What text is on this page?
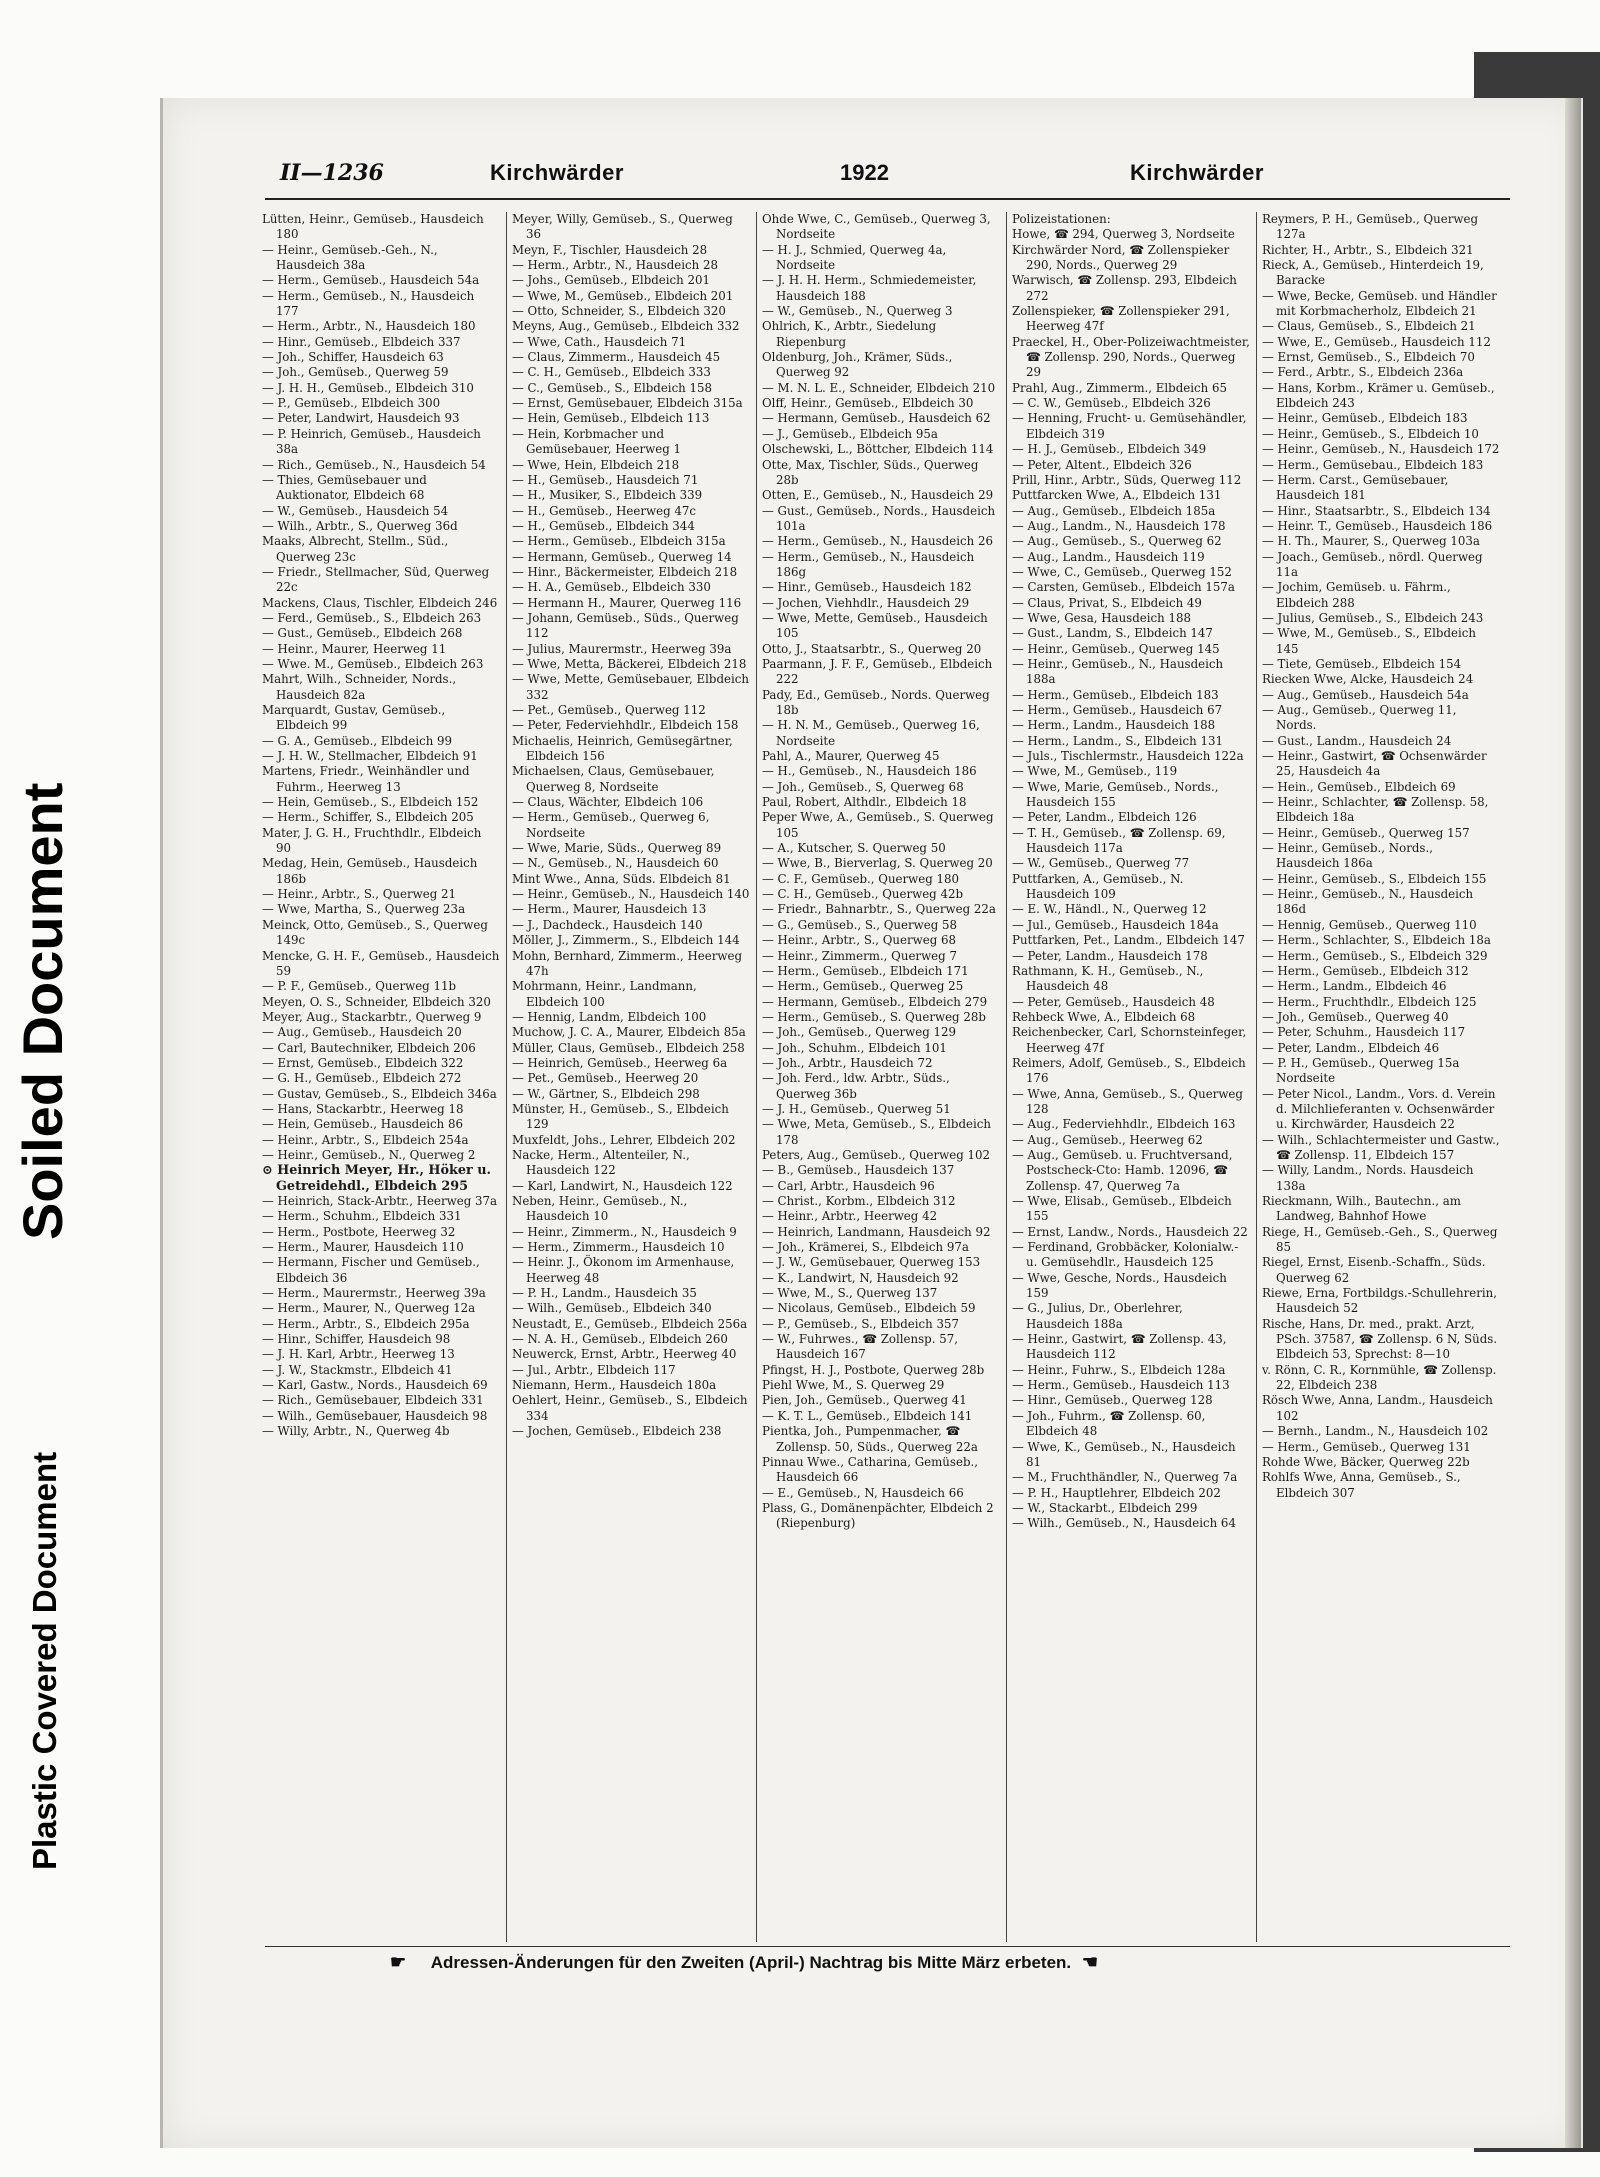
Soiled Document
Plastic Covered Document
II—1236	Kirchwärder	1922	Kirchwärder

Lütten, Heinr., Gemüseb., Hausdeich 180

— Heinr., Gemüseb.-Geh., N., Hausdeich 38a

— Herm., Gemüseb., Hausdeich 54a

— Herm., Gemüseb., N., Hausdeich 177

— Herm., Arbtr., N., Hausdeich 180

— Hinr., Gemüseb., Elbdeich 337

— Joh., Schiffer, Hausdeich 63

— Joh., Gemüseb., Querweg 59

— J. H. H., Gemüseb., Elbdeich 310

— P., Gemüseb., Elbdeich 300

— Peter, Landwirt, Hausdeich 93

— P. Heinrich, Gemüseb., Hausdeich 38a

— Rich., Gemüseb., N., Hausdeich 54

— Thies, Gemüsebauer und Auktionator, Elbdeich 68

— W., Gemüseb., Hausdeich 54

— Wilh., Arbtr., S., Querweg 36d

Maaks, Albrecht, Stellm., Süd., Querweg 23c

— Friedr., Stellmacher, Süd, Querweg 22c

Mackens, Claus, Tischler, Elbdeich 246

— Ferd., Gemüseb., S., Elbdeich 263

— Gust., Gemüseb., Elbdeich 268

— Heinr., Maurer, Heerweg 11

— Wwe. M., Gemüseb., Elbdeich 263

Mahrt, Wilh., Schneider, Nords., Hausdeich 82a

Marquardt, Gustav, Gemüseb., Elbdeich 99

— G. A., Gemüseb., Elbdeich 99

— J. H. W., Stellmacher, Elbdeich 91

Martens, Friedr., Weinhändler und Fuhrm., Heerweg 13

— Hein, Gemüseb., S., Elbdeich 152

— Herm., Schiffer, S., Elbdeich 205

Mater, J. G. H., Fruchthdlr., Elbdeich 90

Medag, Hein, Gemüseb., Hausdeich 186b

— Heinr., Arbtr., S., Querweg 21

— Wwe, Martha, S., Querweg 23a

Meinck, Otto, Gemüseb., S., Querweg 149c

Mencke, G. H. F., Gemüseb., Hausdeich 59

— P. F., Gemüseb., Querweg 11b

Meyen, O. S., Schneider, Elbdeich 320

Meyer, Aug., Stackarbtr., Querweg 9

— Aug., Gemüseb., Hausdeich 20

— Carl, Bautechniker, Elbdeich 206

— Ernst, Gemüseb., Elbdeich 322

— G. H., Gemüseb., Elbdeich 272

— Gustav, Gemüseb., S., Elbdeich 346a

— Hans, Stackarbtr., Heerweg 18

— Hein, Gemüseb., Hausdeich 86

— Heinr., Arbtr., S., Elbdeich 254a

— Heinr., Gemüseb., N., Querweg 2

⊙ Heinrich Meyer, Hr., Höker u. Getreidehdl., Elbdeich 295

— Heinrich, Stack-Arbtr., Heerweg 37a

— Herm., Schuhm., Elbdeich 331

— Herm., Postbote, Heerweg 32

— Herm., Maurer, Hausdeich 110

— Hermann, Fischer und Gemüseb., Elbdeich 36

— Herm., Maurermstr., Heerweg 39a

— Herm., Maurer, N., Querweg 12a

— Herm., Arbtr., S., Elbdeich 295a

— Hinr., Schiffer, Hausdeich 98

— J. H. Karl, Arbtr., Heerweg 13

— J. W., Stackmstr., Elbdeich 41

— Karl, Gastw., Nords., Hausdeich 69

— Rich., Gemüsebauer, Elbdeich 331

— Wilh., Gemüsebauer, Hausdeich 98

— Willy, Arbtr., N., Querweg 4b

Meyer, Willy, Gemüseb., S., Querweg 36

Meyn, F., Tischler, Hausdeich 28

— Herm., Arbtr., N., Hausdeich 28

— Johs., Gemüseb., Elbdeich 201

— Wwe, M., Gemüseb., Elbdeich 201

— Otto, Schneider, S., Elbdeich 320

Meyns, Aug., Gemüseb., Elbdeich 332

— Wwe, Cath., Hausdeich 71

— Claus, Zimmerm., Hausdeich 45

— C. H., Gemüseb., Elbdeich 333

— C., Gemüseb., S., Elbdeich 158

— Ernst, Gemüsebauer, Elbdeich 315a

— Hein, Gemüseb., Elbdeich 113

— Hein, Korbmacher und Gemüsebauer, Heerweg 1

— Wwe, Hein, Elbdeich 218

— H., Gemüseb., Hausdeich 71

— H., Musiker, S., Elbdeich 339

— H., Gemüseb., Heerweg 47c

— H., Gemüseb., Elbdeich 344

— Herm., Gemüseb., Elbdeich 315a

— Hermann, Gemüseb., Querweg 14

— Hinr., Bäckermeister, Elbdeich 218

— H. A., Gemüseb., Elbdeich 330

— Hermann H., Maurer, Querweg 116

— Johann, Gemüseb., Süds., Querweg 112

— Julius, Maurermstr., Heerweg 39a

— Wwe, Metta, Bäckerei, Elbdeich 218

— Wwe, Mette, Gemüsebauer, Elbdeich 332

— Pet., Gemüseb., Querweg 112

— Peter, Federviehhdlr., Elbdeich 158

Michaelis, Heinrich, Gemüsegärtner, Elbdeich 156

Michaelsen, Claus, Gemüsebauer, Querweg 8, Nordseite

— Claus, Wächter, Elbdeich 106

— Herm., Gemüseb., Querweg 6, Nordseite

— Wwe, Marie, Süds., Querweg 89

— N., Gemüseb., N., Hausdeich 60

Mint Wwe., Anna, Süds. Elbdeich 81

— Heinr., Gemüseb., N., Hausdeich 140

— Herm., Maurer, Hausdeich 13

— J., Dachdeck., Hausdeich 140

Möller, J., Zimmerm., S., Elbdeich 144

Mohn, Bernhard, Zimmerm., Heerweg 47h

Mohrmann, Heinr., Landmann, Elbdeich 100

— Hennig, Landm, Elbdeich 100

Muchow, J. C. A., Maurer, Elbdeich 85a

Müller, Claus, Gemüseb., Elbdeich 258

— Heinrich, Gemüseb., Heerweg 6a

— Pet., Gemüseb., Heerweg 20

— W., Gärtner, S., Elbdeich 298

Münster, H., Gemüseb., S., Elbdeich 129

Muxfeldt, Johs., Lehrer, Elbdeich 202

Nacke, Herm., Altenteiler, N., Hausdeich 122

— Karl, Landwirt, N., Hausdeich 122

Neben, Heinr., Gemüseb., N., Hausdeich 10

— Heinr., Zimmerm., N., Hausdeich 9

— Herm., Zimmerm., Hausdeich 10

— Heinr. J., Ökonom im Armenhause, Heerweg 48

— P. H., Landm., Hausdeich 35

— Wilh., Gemüseb., Elbdeich 340

Neustadt, E., Gemüseb., Elbdeich 256a

— N. A. H., Gemüseb., Elbdeich 260

Neuwerck, Ernst, Arbtr., Heerweg 40

— Jul., Arbtr., Elbdeich 117

Niemann, Herm., Hausdeich 180a

Oehlert, Heinr., Gemüseb., S., Elbdeich 334

— Jochen, Gemüseb., Elbdeich 238

Ohde Wwe, C., Gemüseb., Querweg 3, Nordseite

— H. J., Schmied, Querweg 4a, Nordseite

— J. H. H. Herm., Schmiedemeister, Hausdeich 188

— W., Gemüseb., N., Querweg 3

Ohlrich, K., Arbtr., Siedelung Riepenburg

Oldenburg, Joh., Krämer, Süds., Querweg 92

— M. N. L. E., Schneider, Elbdeich 210

Olff, Heinr., Gemüseb., Elbdeich 30

— Hermann, Gemüseb., Hausdeich 62

— J., Gemüseb., Elbdeich 95a

Olschewski, L., Böttcher, Elbdeich 114

Otte, Max, Tischler, Süds., Querweg 28b

Otten, E., Gemüseb., N., Hausdeich 29

— Gust., Gemüseb., Nords., Hausdeich 101a

— Herm., Gemüseb., N., Hausdeich 26

— Herm., Gemüseb., N., Hausdeich 186g

— Hinr., Gemüseb., Hausdeich 182

— Jochen, Viehhdlr., Hausdeich 29

— Wwe, Mette, Gemüseb., Hausdeich 105

Otto, J., Staatsarbtr., S., Querweg 20

Paarmann, J. F. F., Gemüseb., Elbdeich 222

Pady, Ed., Gemüseb., Nords. Querweg 18b

— H. N. M., Gemüseb., Querweg 16, Nordseite

Pahl, A., Maurer, Querweg 45

— H., Gemüseb., N., Hausdeich 186

— Joh., Gemüseb., S, Querweg 68

Paul, Robert, Althdlr., Elbdeich 18

Peper Wwe, A., Gemüseb., S. Querweg 105

— A., Kutscher, S. Querweg 50

— Wwe, B., Bierverlag, S. Querweg 20

— C. F., Gemüseb., Querweg 180

— C. H., Gemüseb., Querweg 42b

— Friedr., Bahnarbtr., S., Querweg 22a

— G., Gemüseb., S., Querweg 58

— Heinr., Arbtr., S., Querweg 68

— Heinr., Zimmerm., Querweg 7

— Herm., Gemüseb., Elbdeich 171

— Herm., Gemüseb., Querweg 25

— Hermann, Gemüseb., Elbdeich 279

— Herm., Gemüseb., S. Querweg 28b

— Joh., Gemüseb., Querweg 129

— Joh., Schuhm., Elbdeich 101

— Joh., Arbtr., Hausdeich 72

— Joh. Ferd., ldw. Arbtr., Süds., Querweg 36b

— J. H., Gemüseb., Querweg 51

— Wwe, Meta, Gemüseb., S., Elbdeich 178

Peters, Aug., Gemüseb., Querweg 102

— B., Gemüseb., Hausdeich 137

— Carl, Arbtr., Hausdeich 96

— Christ., Korbm., Elbdeich 312

— Heinr., Arbtr., Heerweg 42

— Heinrich, Landmann, Hausdeich 92

— Joh., Krämerei, S., Elbdeich 97a

— J. W., Gemüsebauer, Querweg 153

— K., Landwirt, N, Hausdeich 92

— Wwe, M., S., Querweg 137

— Nicolaus, Gemüseb., Elbdeich 59

— P., Gemüseb., S., Elbdeich 357

— W., Fuhrwes., ☎ Zollensp. 57, Hausdeich 167

Pfingst, H. J., Postbote, Querweg 28b

Piehl Wwe, M., S. Querweg 29

Pien, Joh., Gemüseb., Querweg 41

— K. T. L., Gemüseb., Elbdeich 141

Pientka, Joh., Pumpenmacher, ☎ Zollensp. 50, Süds., Querweg 22a

Pinnau Wwe., Catharina, Gemüseb., Hausdeich 66

— E., Gemüseb., N, Hausdeich 66

Plass, G., Domänenpächter, Elbdeich 2 (Riepenburg)

Polizeistationen:

Howe, ☎ 294, Querweg 3, Nordseite

Kirchwärder Nord, ☎ Zollenspieker 290, Nords., Querweg 29

Warwisch, ☎ Zollensp. 293, Elbdeich 272

Zollenspieker, ☎ Zollenspieker 291, Heerweg 47f

Praeckel, H., Ober-Polizeiwachtmeister, ☎ Zollensp. 290, Nords., Querweg 29

Prahl, Aug., Zimmerm., Elbdeich 65

— C. W., Gemüseb., Elbdeich 326

— Henning, Frucht- u. Gemüsehändler, Elbdeich 319

— H. J., Gemüseb., Elbdeich 349

— Peter, Altent., Elbdeich 326

Prill, Hinr., Arbtr., Süds, Querweg 112

Puttfarcken Wwe, A., Elbdeich 131

— Aug., Gemüseb., Elbdeich 185a

— Aug., Landm., N., Hausdeich 178

— Aug., Gemüseb., S., Querweg 62

— Aug., Landm., Hausdeich 119

— Wwe, C., Gemüseb., Querweg 152

— Carsten, Gemüseb., Elbdeich 157a

— Claus, Privat, S., Elbdeich 49

— Wwe, Gesa, Hausdeich 188

— Gust., Landm, S., Elbdeich 147

— Heinr., Gemüseb., Querweg 145

— Heinr., Gemüseb., N., Hausdeich 188a

— Herm., Gemüseb., Elbdeich 183

— Herm., Gemüseb., Hausdeich 67

— Herm., Landm., Hausdeich 188

— Herm., Landm., S., Elbdeich 131

— Juls., Tischlermstr., Hausdeich 122a

— Wwe, M., Gemüseb., 119

— Wwe, Marie, Gemüseb., Nords., Hausdeich 155

— Peter, Landm., Elbdeich 126

— T. H., Gemüseb., ☎ Zollensp. 69, Hausdeich 117a

— W., Gemüseb., Querweg 77

Puttfarken, A., Gemüseb., N. Hausdeich 109

— E. W., Händl., N., Querweg 12

— Jul., Gemüseb., Hausdeich 184a

Puttfarken, Pet., Landm., Elbdeich 147

— Peter, Landm., Hausdeich 178

Rathmann, K. H., Gemüseb., N., Hausdeich 48

— Peter, Gemüseb., Hausdeich 48

Rehbeck Wwe, A., Elbdeich 68

Reichenbecker, Carl, Schornsteinfeger, Heerweg 47f

Reimers, Adolf, Gemüseb., S., Elbdeich 176

— Wwe, Anna, Gemüseb., S., Querweg 128

— Aug., Federviehhdlr., Elbdeich 163

— Aug., Gemüseb., Heerweg 62

— Aug., Gemüseb. u. Fruchtversand, Postscheck-Cto: Hamb. 12096, ☎ Zollensp. 47, Querweg 7a

— Wwe, Elisab., Gemüseb., Elbdeich 155

— Ernst, Landw., Nords., Hausdeich 22

— Ferdinand, Grobbäcker, Kolonialw.- u. Gemüsehdlr., Hausdeich 125

— Wwe, Gesche, Nords., Hausdeich 159

— G., Julius, Dr., Oberlehrer, Hausdeich 188a

— Heinr., Gastwirt, ☎ Zollensp. 43, Hausdeich 112

— Heinr., Fuhrw., S., Elbdeich 128a

— Herm., Gemüseb., Hausdeich 113

— Hinr., Gemüseb., Querweg 128

— Joh., Fuhrm., ☎ Zollensp. 60, Elbdeich 48

— Wwe, K., Gemüseb., N., Hausdeich 81

— M., Fruchthändler, N., Querweg 7a

— P. H., Hauptlehrer, Elbdeich 202

— W., Stackarbt., Elbdeich 299

— Wilh., Gemüseb., N., Hausdeich 64

Reymers, P. H., Gemüseb., Querweg 127a

Richter, H., Arbtr., S., Elbdeich 321

Rieck, A., Gemüseb., Hinterdeich 19, Baracke

— Wwe, Becke, Gemüseb. und Händler mit Korbmacherholz, Elbdeich 21

— Claus, Gemüseb., S., Elbdeich 21

— Wwe, E., Gemüseb., Hausdeich 112

— Ernst, Gemüseb., S., Elbdeich 70

— Ferd., Arbtr., S., Elbdeich 236a

— Hans, Korbm., Krämer u. Gemüseb., Elbdeich 243

— Heinr., Gemüseb., Elbdeich 183

— Heinr., Gemüseb., S., Elbdeich 10

— Heinr., Gemüseb., N., Hausdeich 172

— Herm., Gemüsebau., Elbdeich 183

— Herm. Carst., Gemüsebauer, Hausdeich 181

— Hinr., Staatsarbtr., S., Elbdeich 134

— Heinr. T., Gemüseb., Hausdeich 186

— H. Th., Maurer, S., Querweg 103a

— Joach., Gemüseb., nördl. Querweg 11a

— Jochim, Gemüseb. u. Fährm., Elbdeich 288

— Julius, Gemüseb., S., Elbdeich 243

— Wwe, M., Gemüseb., S., Elbdeich 145

— Tiete, Gemüseb., Elbdeich 154

Riecken Wwe, Alcke, Hausdeich 24

— Aug., Gemüseb., Hausdeich 54a

— Aug., Gemüseb., Querweg 11, Nords.

— Gust., Landm., Hausdeich 24

— Heinr., Gastwirt, ☎ Ochsenwärder 25, Hausdeich 4a

— Hein., Gemüseb., Elbdeich 69

— Heinr., Schlachter, ☎ Zollensp. 58, Elbdeich 18a

— Heinr., Gemüseb., Querweg 157

— Heinr., Gemüseb., Nords., Hausdeich 186a

— Heinr., Gemüseb., S., Elbdeich 155

— Heinr., Gemüseb., N., Hausdeich 186d

— Hennig, Gemüseb., Querweg 110

— Herm., Schlachter, S., Elbdeich 18a

— Herm., Gemüseb., S., Elbdeich 329

— Herm., Gemüseb., Elbdeich 312

— Herm., Landm., Elbdeich 46

— Herm., Fruchthdlr., Elbdeich 125

— Joh., Gemüseb., Querweg 40

— Peter, Schuhm., Hausdeich 117

— Peter, Landm., Elbdeich 46

— P. H., Gemüseb., Querweg 15a Nordseite

— Peter Nicol., Landm., Vors. d. Verein d. Milchlieferanten v. Ochsenwärder u. Kirchwärder, Hausdeich 22

— Wilh., Schlachtermeister und Gastw., ☎ Zollensp. 11, Elbdeich 157

— Willy, Landm., Nords. Hausdeich 138a

Rieckmann, Wilh., Bautechn., am Landweg, Bahnhof Howe

Riege, H., Gemüseb.-Geh., S., Querweg 85

Riegel, Ernst, Eisenb.-Schaffn., Süds. Querweg 62

Riewe, Erna, Fortbildgs.-Schullehrerin, Hausdeich 52

Rische, Hans, Dr. med., prakt. Arzt, PSch. 37587, ☎ Zollensp. 6 N, Süds. Elbdeich 53, Sprechst: 8—10

v. Rönn, C. R., Kornmühle, ☎ Zollensp. 22, Elbdeich 238

Rösch Wwe, Anna, Landm., Hausdeich 102

— Bernh., Landm., N., Hausdeich 102

— Herm., Gemüseb., Querweg 131

Rohde Wwe, Bäcker, Querweg 22b

Rohlfs Wwe, Anna, Gemüseb., S., Elbdeich 307

☛ Adressen-Änderungen für den Zweiten (April-) Nachtrag bis Mitte März erbeten. ☚
